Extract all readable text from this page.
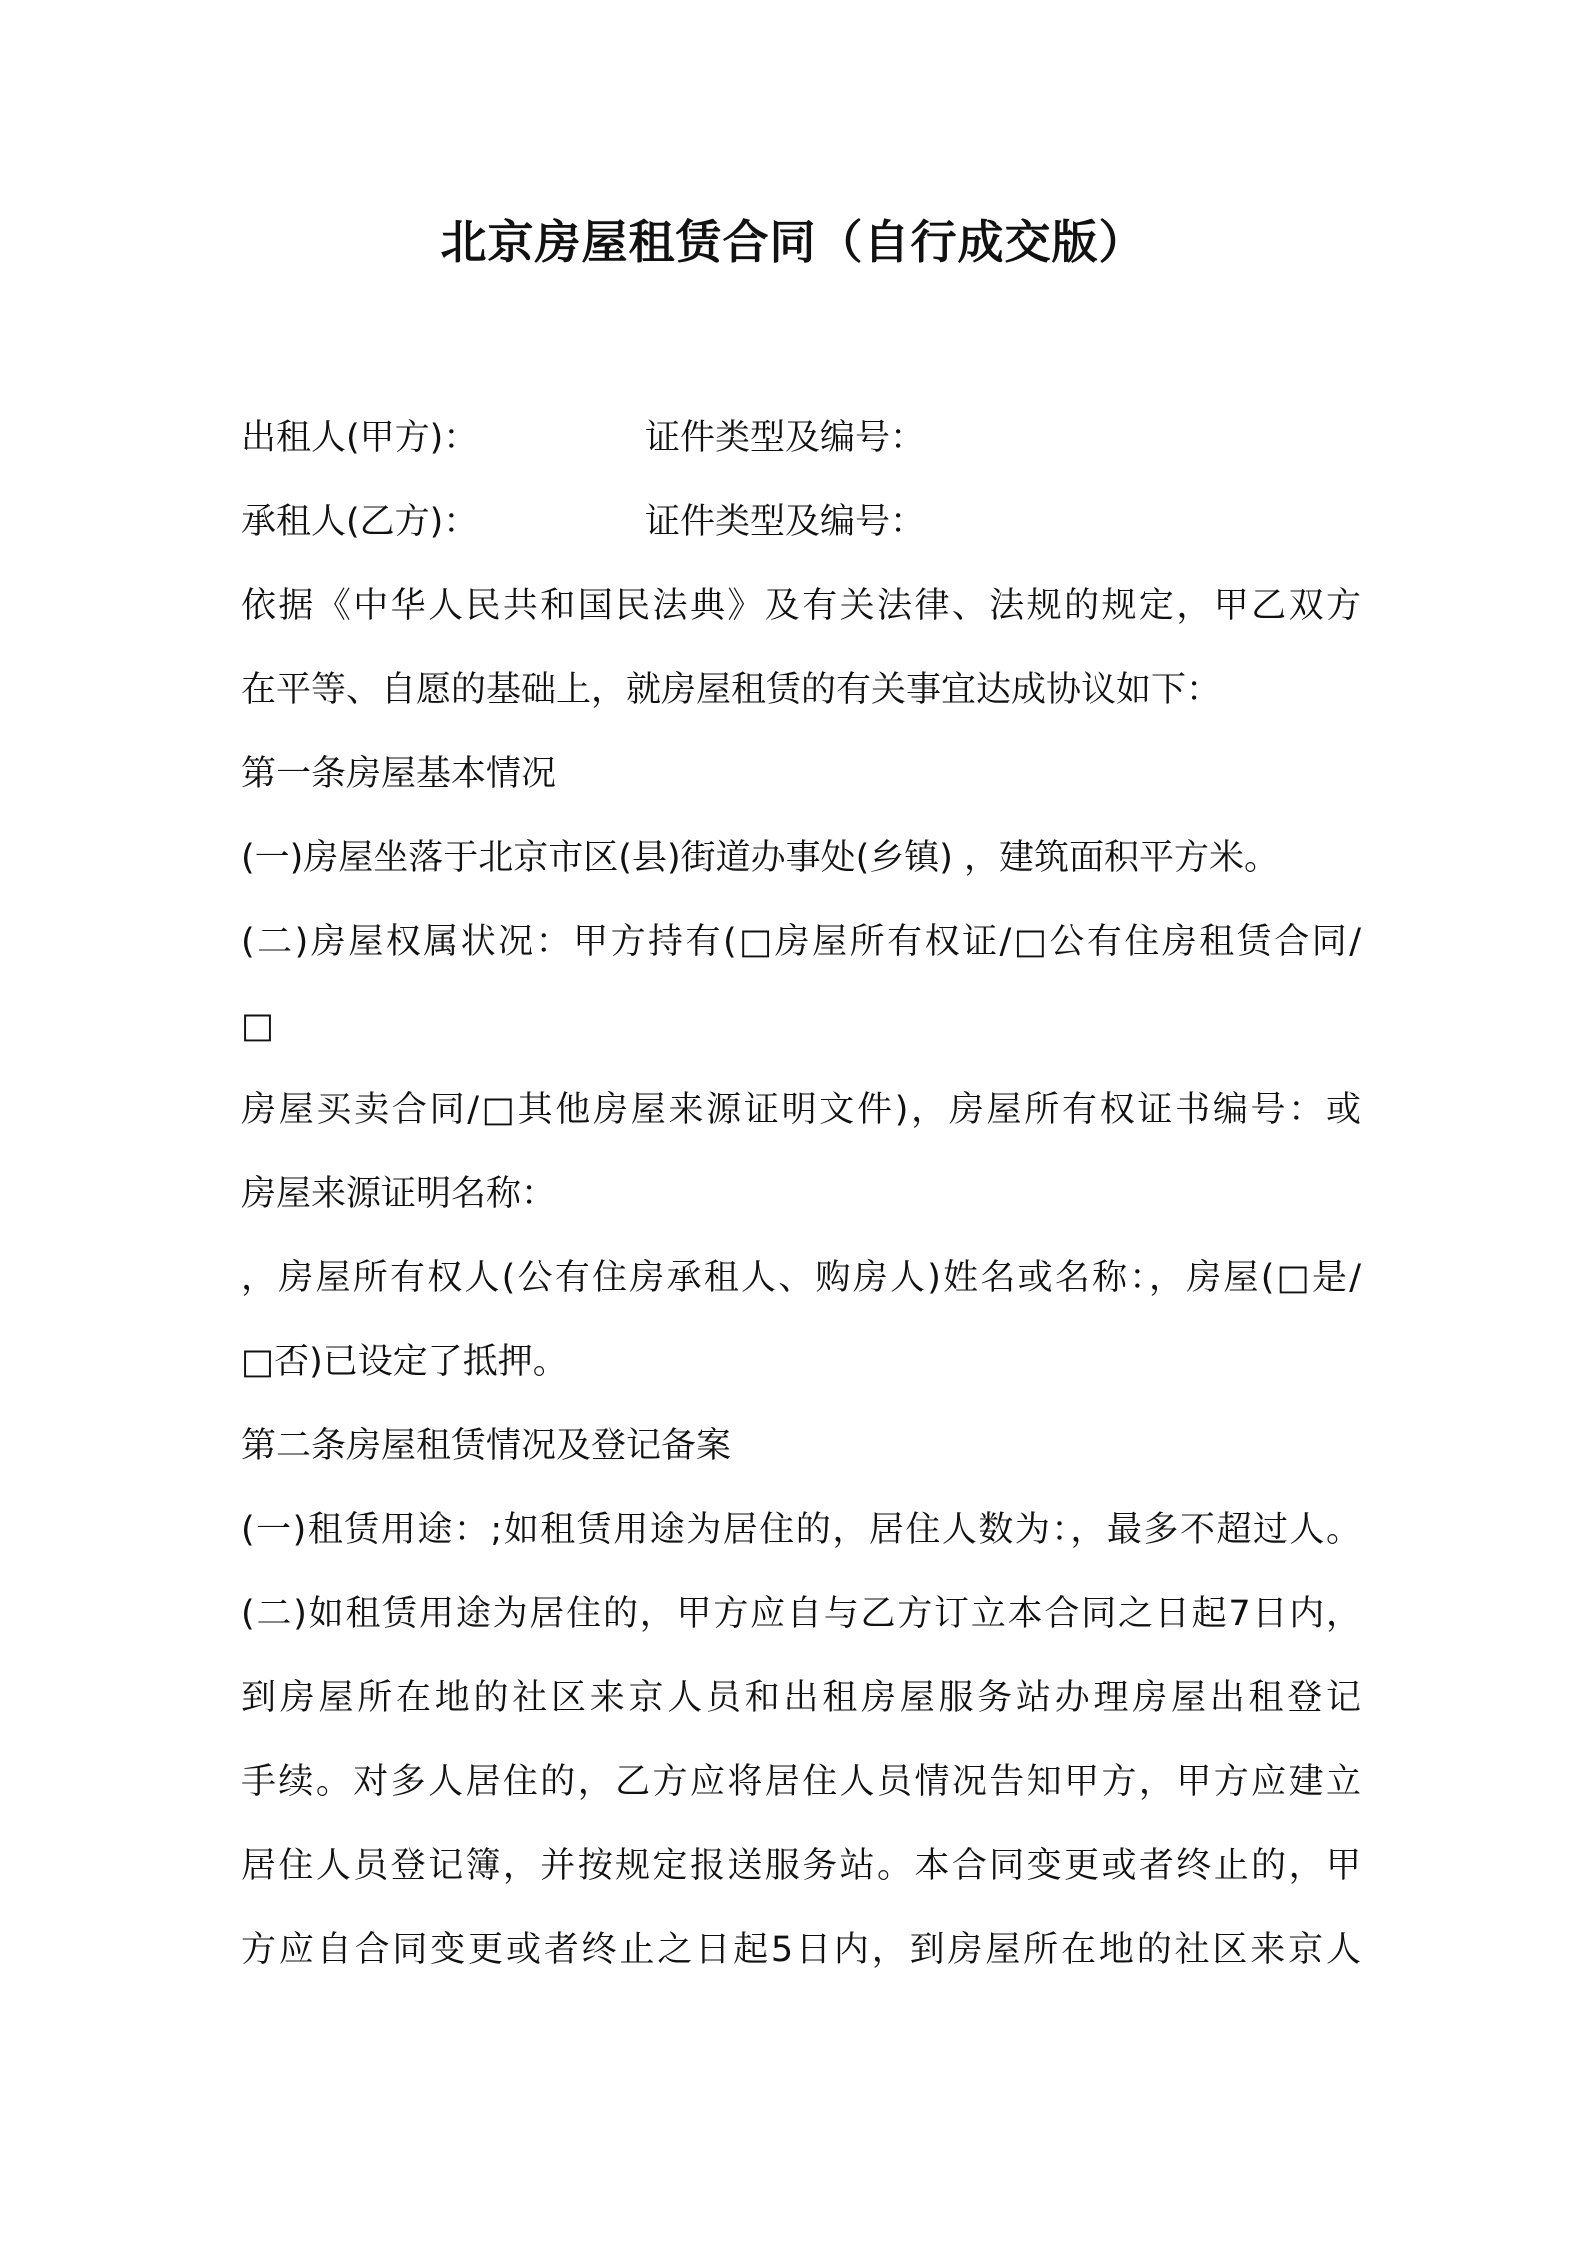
北京房屋租赁合同（自行成交版）
出租人(甲方)：	证件类型及编号：
承租人(乙方)：	证件类型及编号：
依据《中华人民共和国民法典》及有关法律、法规的规定，甲乙双方
在平等、自愿的基础上，就房屋租赁的有关事宜达成协议如下：
第一条房屋基本情况
(一)房屋坐落于北京市区(县)街道办事处(乡镇) ，建筑面积平方米。
(二)房屋权属状况：甲方持有(□房屋所有权证/□公有住房租赁合同/
□
房屋买卖合同/□其他房屋来源证明文件)，房屋所有权证书编号：或
房屋来源证明名称：
，房屋所有权人(公有住房承租人、购房人)姓名或名称：，房屋(□是/
□否)已设定了抵押。
第二条房屋租赁情况及登记备案
(一)租赁用途：;如租赁用途为居住的，居住人数为：，最多不超过人。
(二)如租赁用途为居住的，甲方应自与乙方订立本合同之日起7日内，
到房屋所在地的社区来京人员和出租房屋服务站办理房屋出租登记
手续。对多人居住的，乙方应将居住人员情况告知甲方，甲方应建立
居住人员登记簿，并按规定报送服务站。本合同变更或者终止的，甲
方应自合同变更或者终止之日起5日内，到房屋所在地的社区来京人
